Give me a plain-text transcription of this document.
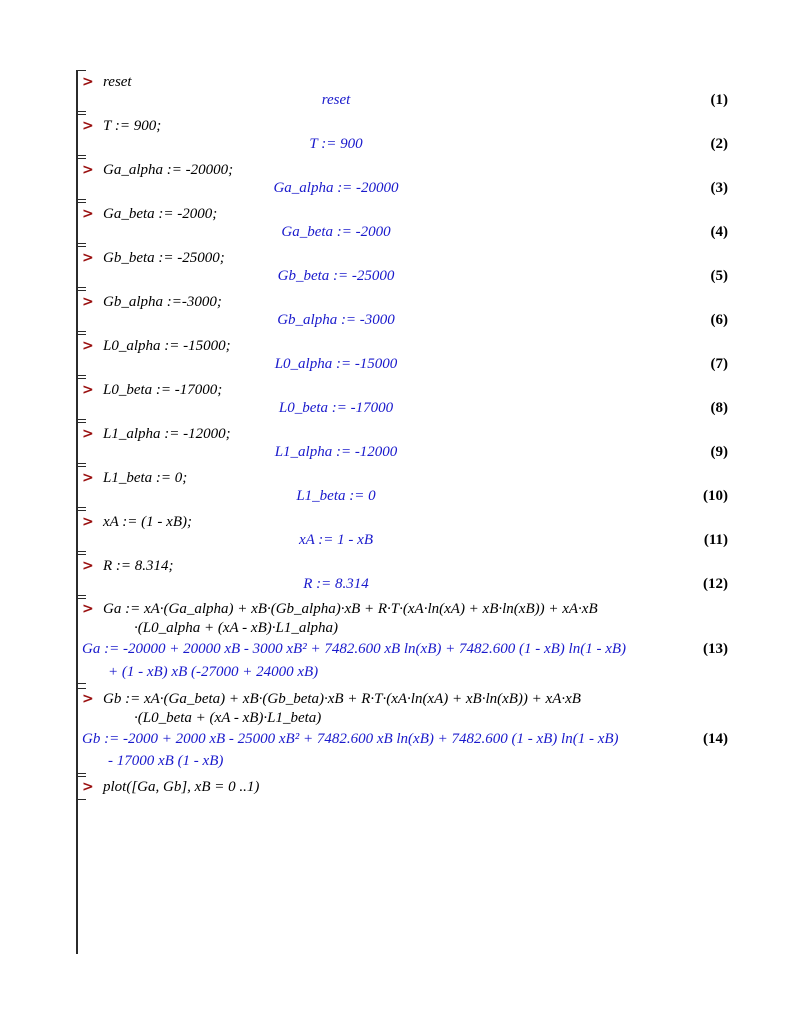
> reset
reset	(1)
> T := 900;
T := 900	(2)
> Ga_alpha := -20000;
Ga_alpha := -20000	(3)
> Ga_beta := -2000;
Ga_beta := -2000	(4)
> Gb_beta := -25000;
Gb_beta := -25000	(5)
> Gb_alpha :=-3000;
Gb_alpha := -3000	(6)
> L0_alpha := -15000;
L0_alpha := -15000	(7)
> L0_beta := -17000;
L0_beta := -17000	(8)
> L1_alpha := -12000;
L1_alpha := -12000	(9)
> L1_beta := 0;
L1_beta := 0	(10)
> xA := (1 - xB);
xA := 1 - xB	(11)
> R := 8.314;
R := 8.314	(12)
> Ga := xA·(Ga_alpha) + xB·(Gb_alpha)·xB + R·T·(xA·ln(xA) + xB·ln(xB)) + xA·xB
·(L0_alpha + (xA - xB)·L1_alpha)
Ga := -20000 + 20000 xB - 3000 xB² + 7482.600 xB ln(xB) + 7482.600 (1 - xB) ln(1 - xB)
+ (1 - xB) xB (-27000 + 24000 xB)
(13)
> Gb := xA·(Ga_beta) + xB·(Gb_beta)·xB + R·T·(xA·ln(xA) + xB·ln(xB)) + xA·xB
·(L0_beta + (xA - xB)·L1_beta)
Gb := -2000 + 2000 xB - 25000 xB² + 7482.600 xB ln(xB) + 7482.600 (1 - xB) ln(1 - xB)
- 17000 xB (1 - xB)
(14)
> plot([Ga, Gb], xB = 0 ..1)
